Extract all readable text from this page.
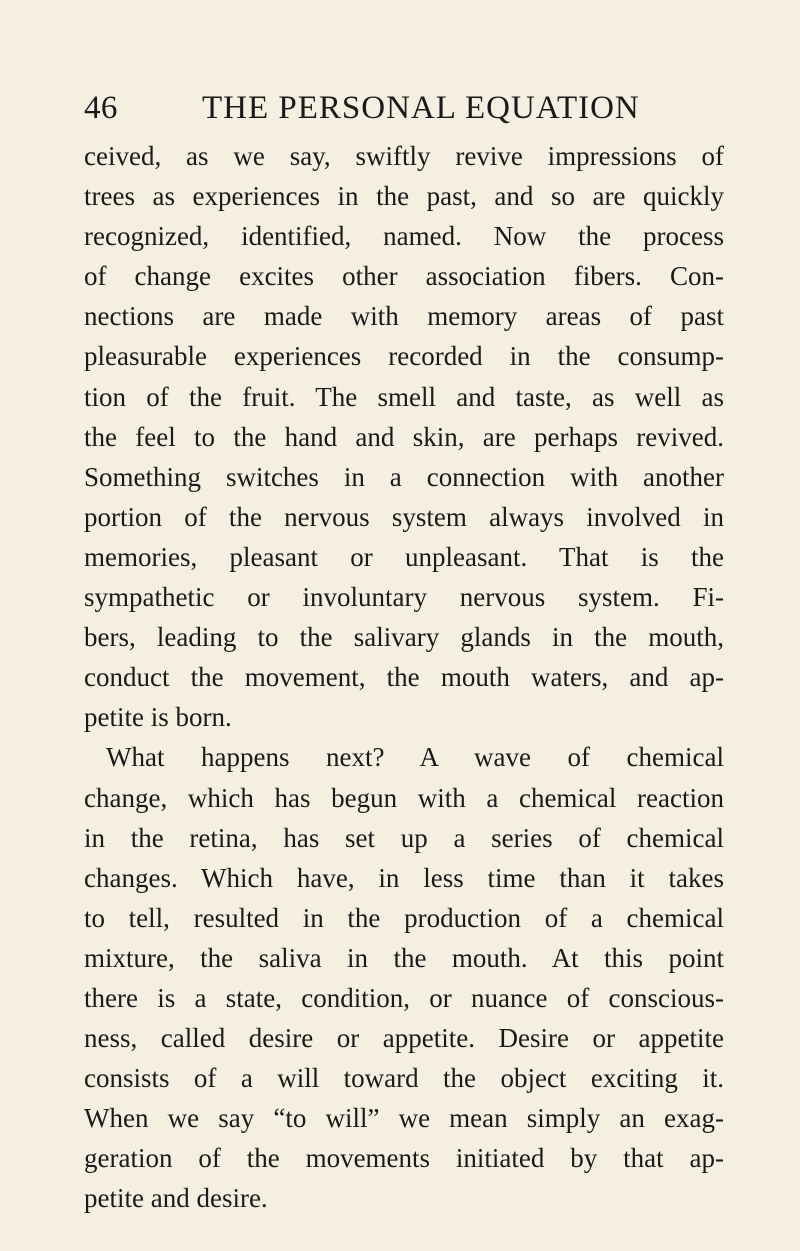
46	THE PERSONAL EQUATION
ceived, as we say, swiftly revive impressions of
trees as experiences in the past, and so are quickly
recognized, identified, named. Now the process
of change excites other association fibers. Con-
nections are made with memory areas of past
pleasurable experiences recorded in the consump-
tion of the fruit. The smell and taste, as well as
the feel to the hand and skin, are perhaps revived.
Something switches in a connection with another
portion of the nervous system always involved in
memories, pleasant or unpleasant. That is the
sympathetic or involuntary nervous system. Fi-
bers, leading to the salivary glands in the mouth,
conduct the movement, the mouth waters, and ap-
petite is born.
What happens next? A wave of chemical
change, which has begun with a chemical reaction
in the retina, has set up a series of chemical
changes. Which have, in less time than it takes
to tell, resulted in the production of a chemical
mixture, the saliva in the mouth. At this point
there is a state, condition, or nuance of conscious-
ness, called desire or appetite. Desire or appetite
consists of a will toward the object exciting it.
When we say “to will” we mean simply an exag-
geration of the movements initiated by that ap-
petite and desire.
